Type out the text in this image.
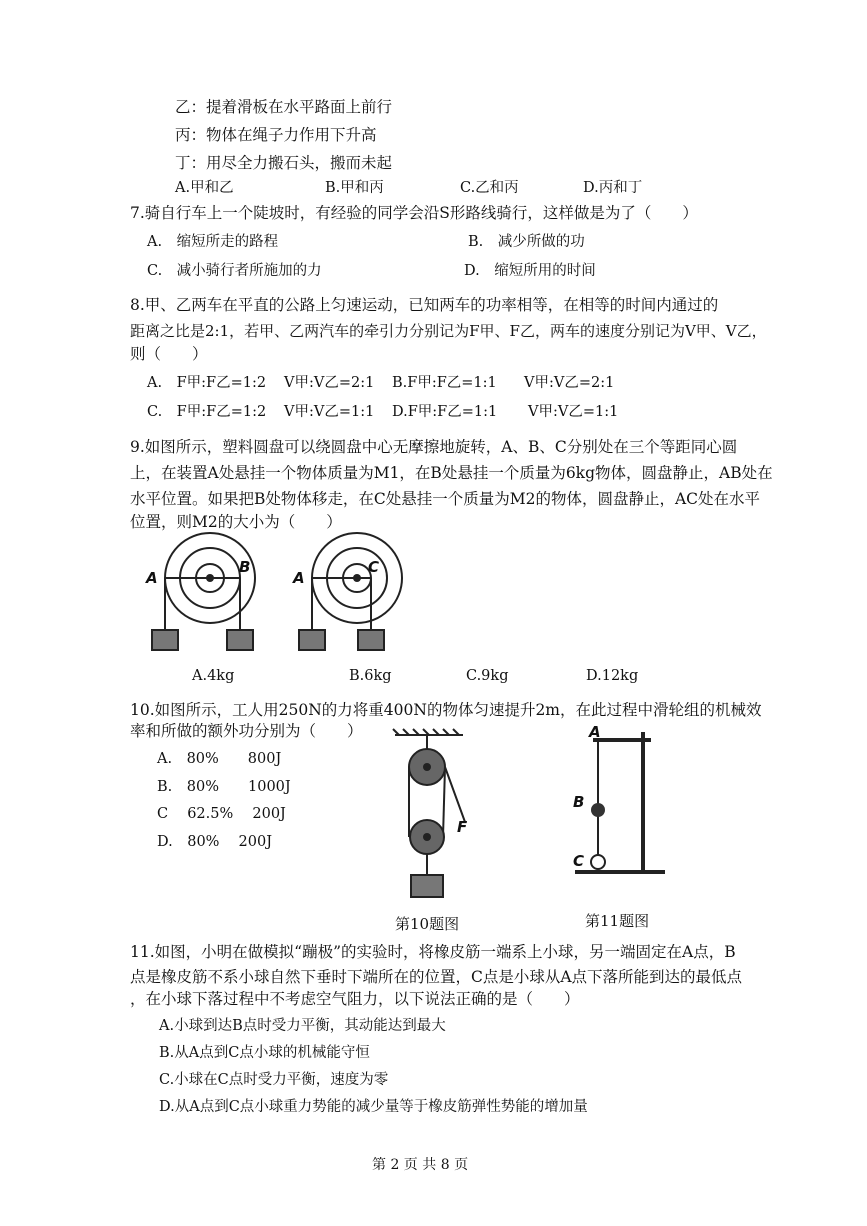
乙：提着滑板在水平路面上前行
丙：物体在绳子力作用下升高
丁：用尽全力搬石头，搬而未起
A.甲和乙	B.甲和丙	C.乙和丙	D.丙和丁
7.骑自行车上一个陡坡时，有经验的同学会沿S形路线骑行，这样做是为了（　　）
A.　缩短所走的路程	B.　减少所做的功
C.　减小骑行者所施加的力	D.　缩短所用的时间
8.甲、乙两车在平直的公路上匀速运动，已知两车的功率相等，在相等的时间内通过的
距离之比是2:1，若甲、乙两汽车的牵引力分别记为F甲、F乙，两车的速度分别记为V甲、V乙，
则（　　）
A.　F甲:F乙=1:2 V甲:V乙=2:1 B.F甲:F乙=1:1 V甲:V乙=2:1
C.　F甲:F乙=1:2 V甲:V乙=1:1 D.F甲:F乙=1:1 V甲:V乙=1:1
9.如图所示，塑料圆盘可以绕圆盘中心无摩擦地旋转，A、B、C分别处在三个等距同心圆
上，在装置A处悬挂一个物体质量为M1，在B处悬挂一个质量为6kg物体，圆盘静止，AB处在
水平位置。如果把B处物体移走，在C处悬挂一个质量为M2的物体，圆盘静止，AC处在水平
位置，则M2的大小为（　　）
A
B
A
C
A.4kg	B.6kg	C.9kg	D.12kg
10.如图所示，工人用250N的力将重400N的物体匀速提升2m，在此过程中滑轮组的机械效
率和所做的额外功分别为（　　）
A.　80%　　800J
B.　80%　　1000J
C　 62.5%　 200J
D.　80%　 200J
F
第10题图
A
B
C
第11题图
11.如图，小明在做模拟“蹦极”的实验时，将橡皮筋一端系上小球，另一端固定在A点，B
点是橡皮筋不系小球自然下垂时下端所在的位置，C点是小球从A点下落所能到达的最低点
，在小球下落过程中不考虑空气阻力，以下说法正确的是（　　）
A.小球到达B点时受力平衡，其动能达到最大
B.从A点到C点小球的机械能守恒
C.小球在C点时受力平衡，速度为零
D.从A点到C点小球重力势能的减少量等于橡皮筋弹性势能的增加量
第 2 页 共 8 页
